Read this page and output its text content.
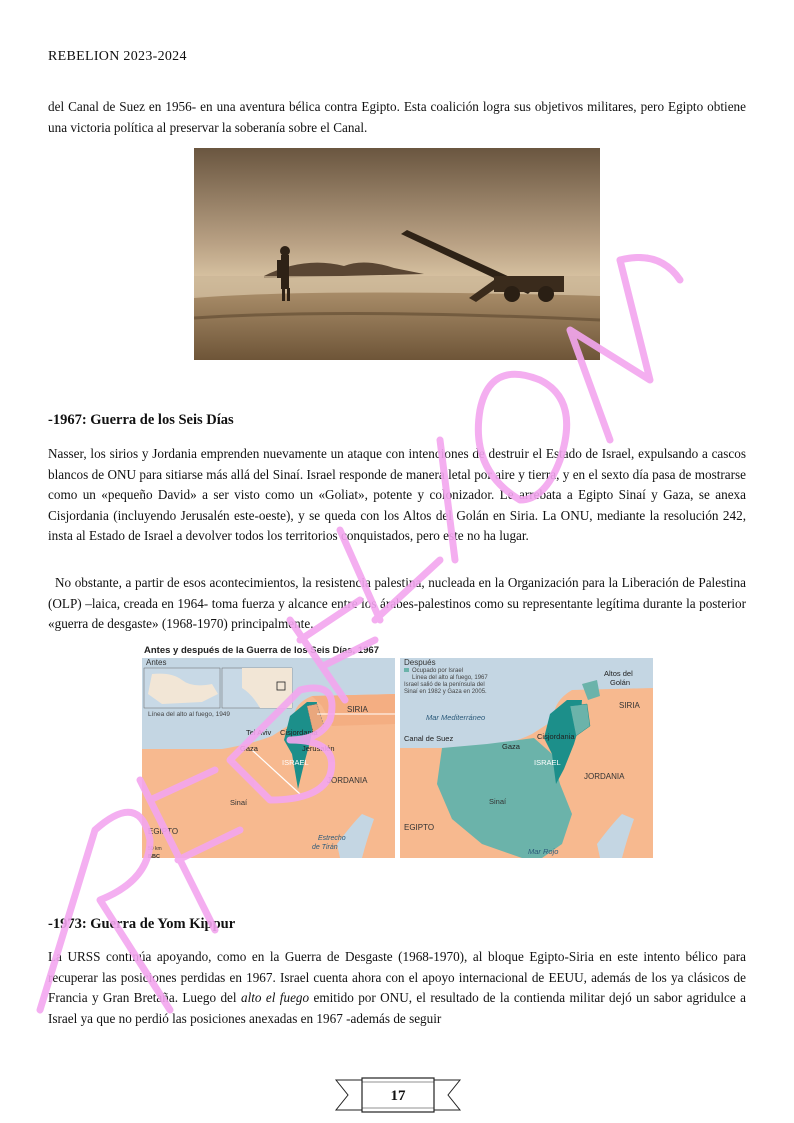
REBELION 2023-2024

del Canal de Suez en 1956- en una aventura bélica contra Egipto. Esta coalición logra sus objetivos militares, pero Egipto obtiene una victoria política al preservar la soberanía sobre el Canal.

-1967: Guerra de los Seis Días

Nasser, los sirios y Jordania emprenden nuevamente un ataque con intenciones de destruir el Estado de Israel, expulsando a cascos blancos de ONU para sitiarse más allá del Sinaí. Israel responde de manera letal por aire y tierra, y en el sexto día pasa de mostrarse como un «pequeño David» a ser visto como un «Goliat», potente y colonizador. Le arrebata a Egipto Sinaí y Gaza, se anexa Cisjordania (incluyendo Jerusalén este-oeste), y se queda con los Altos del Golán en Siria. La ONU, mediante la resolución 242, insta al Estado de Israel a devolver todos los territorios conquistados, pero este no ha lugar.

No obstante, a partir de esos acontecimientos, la resistencia palestina, nucleada en la Organización para la Liberación de Palestina (OLP) –laica, creada en 1964- toma fuerza y alcance entre los árabes-palestinos como su representante legítima durante la posterior «guerra de desgaste» (1968-1970) principalmente.

Antes y después de la Guerra de los Seis Días, 1967
Antes
Línea del alto al fuego, 1949
SIRIA
Tel Aviv Cisjordania
Gaza	Jerusalén
ISRAEL
JORDANIA
Sinaí
EGIPTO
Estrecho
de Tirán
50 km
BBC
Después
Ocupado por Israel
Línea del alto al fuego, 1967
Israel salió de la península del
Sinaí en 1982 y Gaza en 2005.
Altos del
Golán
SIRIA
Mar Mediterráneo
Canal de Suez
Gaza
Cisjordania
ISRAEL
JORDANIA
Sinaí
EGIPTO
Mar Rojo
-1973: Guerra de Yom Kippur

La URSS continúa apoyando, como en la Guerra de Desgaste (1968-1970), al bloque Egipto-Siria en este intento bélico para recuperar las posiciones perdidas en 1967. Israel cuenta ahora con el apoyo internacional de EEUU, además de los ya clásicos de Francia y Gran Bretaña. Luego del alto el fuego emitido por ONU, el resultado de la contienda militar dejó un sabor agridulce a Israel ya que no perdió las posiciones anexadas en 1967 -además de seguir

17
